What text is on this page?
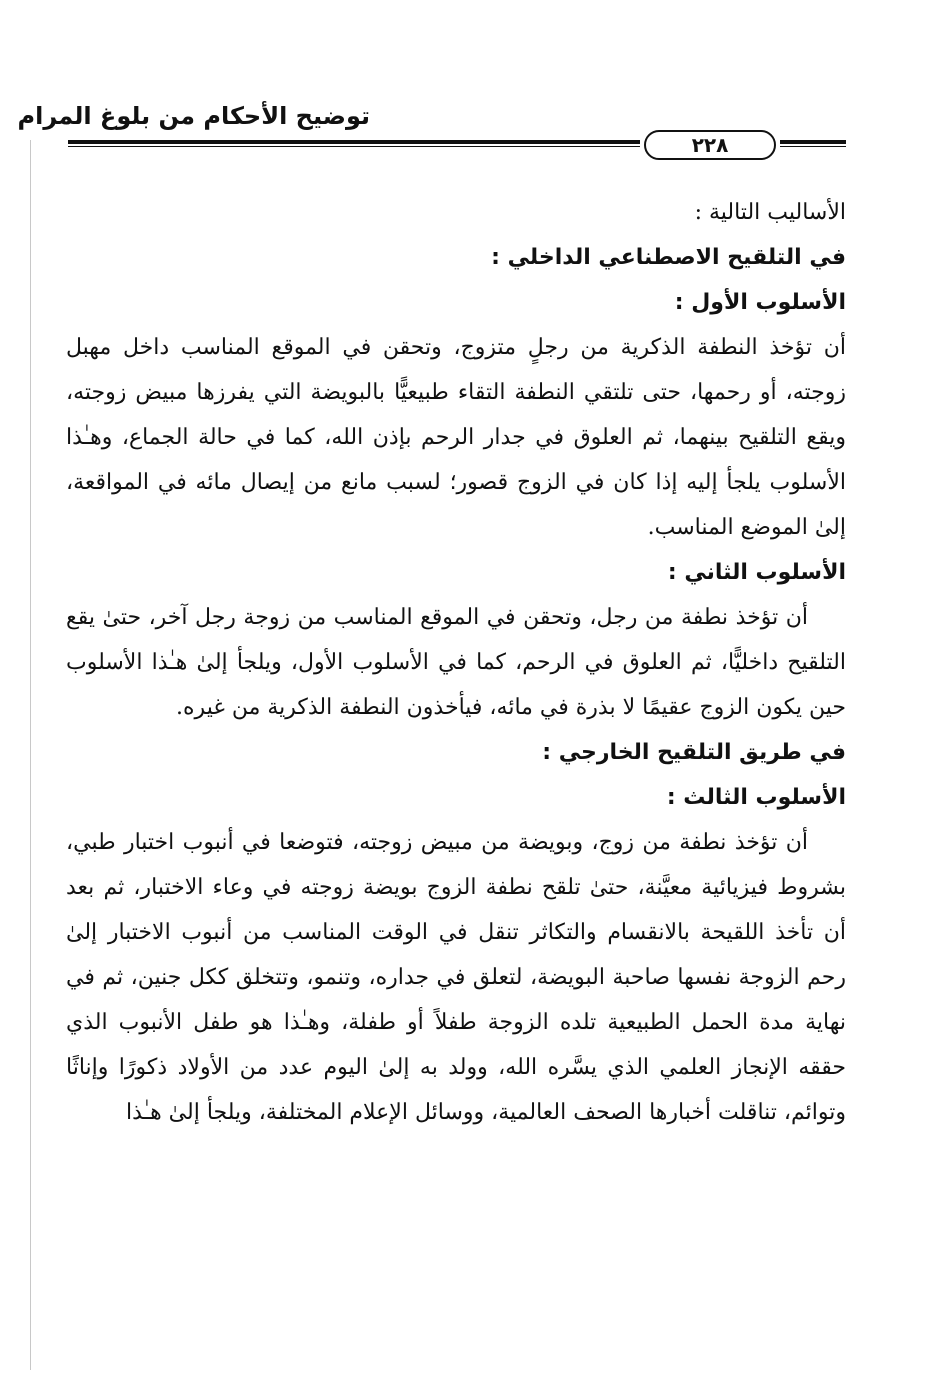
توضيح الأحكام من بلوغ المرام
٢٢٨

الأساليب التالية :

في التلقيح الاصطناعي الداخلي :

الأسلوب الأول :

أن تؤخذ النطفة الذكرية من رجلٍ متزوج، وتحقن في الموقع المناسب داخل مهبل زوجته، أو رحمها، حتى تلتقي النطفة التقاء طبيعيًّا بالبويضة التي يفرزها مبيض زوجته، ويقع التلقيح بينهما، ثم العلوق في جدار الرحم بإذن الله، كما في حالة الجماع، وهـٰذا الأسلوب يلجأ إليه إذا كان في الزوج قصور؛ لسبب مانع من إيصال مائه في المواقعة، إلىٰ الموضع المناسب.

الأسلوب الثاني :

أن تؤخذ نطفة من رجل، وتحقن في الموقع المناسب من زوجة رجل آخر، حتىٰ يقع التلقيح داخليًّا، ثم العلوق في الرحم، كما في الأسلوب الأول، ويلجأ إلىٰ هـٰذا الأسلوب حين يكون الزوج عقيمًا لا بذرة في مائه، فيأخذون النطفة الذكرية من غيره.

في طريق التلقيح الخارجي :

الأسلوب الثالث :

أن تؤخذ نطفة من زوج، وبويضة من مبيض زوجته، فتوضعا في أنبوب اختبار طبي، بشروط فيزيائية معيَّنة، حتىٰ تلقح نطفة الزوج بويضة زوجته في وعاء الاختبار، ثم بعد أن تأخذ اللقيحة بالانقسام والتكاثر تنقل في الوقت المناسب من أنبوب الاختبار إلىٰ رحم الزوجة نفسها صاحبة البويضة، لتعلق في جداره، وتنمو، وتتخلق ككل جنين، ثم في نهاية مدة الحمل الطبيعية تلده الزوجة طفلاً أو طفلة، وهـٰذا هو طفل الأنبوب الذي حققه الإنجاز العلمي الذي يسَّره الله، وولد به إلىٰ اليوم عدد من الأولاد ذكورًا وإناثًا وتوائم، تناقلت أخبارها الصحف العالمية، ووسائل الإعلام المختلفة، ويلجأ إلىٰ هـٰذا
